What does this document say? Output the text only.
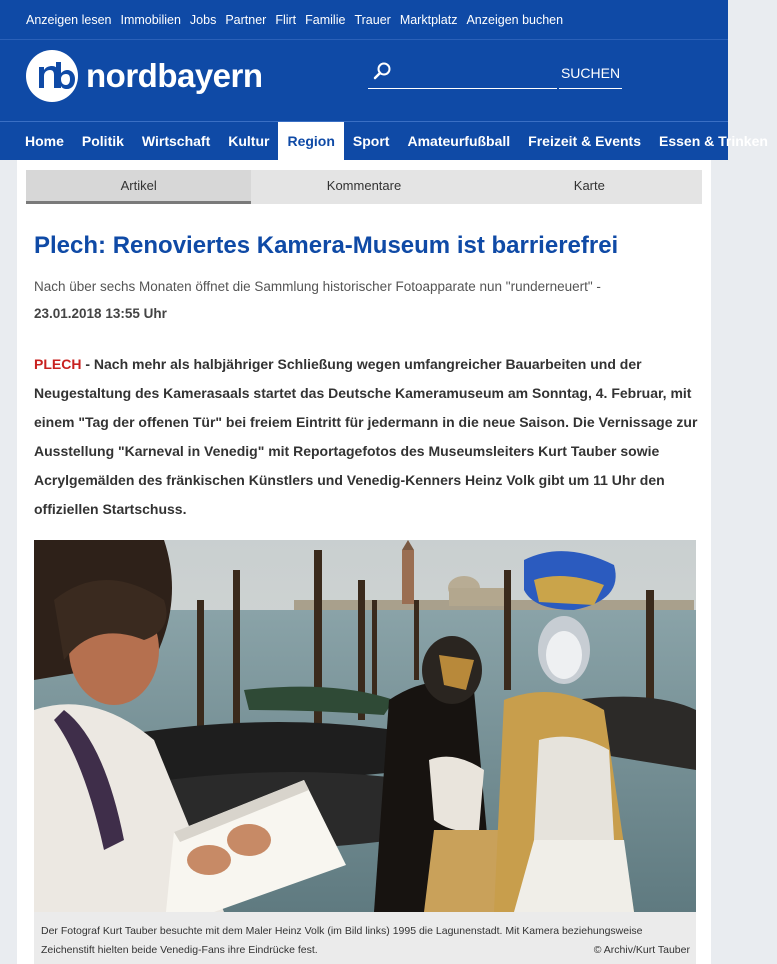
Anzeigen lesen Immobilien Jobs Partner Flirt Familie Trauer Marktplatz Anzeigen buchen
nordbayern	SUCHEN
Home	Politik	Wirtschaft	Kultur	Region	Sport	Amateurfußball	Freizeit & Events	Essen & Trinken
Artikel	Kommentare	Karte
Plech: Renoviertes Kamera-Museum ist barrierefrei
Nach über sechs Monaten öffnet die Sammlung historischer Fotoapparate nun "runderneuert" -
23.01.2018 13:55 Uhr

PLECH - Nach mehr als halbjähriger Schließung wegen umfangreicher Bauarbeiten und der Neugestaltung des Kamerasaals startet das Deutsche Kameramuseum am Sonntag, 4. Februar, mit einem "Tag der offenen Tür" bei freiem Eintritt für jedermann in die neue Saison. Die Vernissage zur Ausstellung "Karneval in Venedig" mit Reportagefotos des Museumsleiters Kurt Tauber sowie Acrylgemälden des fränkischen Künstlers und Venedig-Kenners Heinz Volk gibt um 11 Uhr den offiziellen Startschuss.

Der Fotograf Kurt Tauber besuchte mit dem Maler Heinz Volk (im Bild links) 1995 die Lagunenstadt. Mit Kamera beziehungsweise Zeichenstift hielten beide Venedig-Fans ihre Eindrücke fest.	© Archiv/Kurt Tauber
